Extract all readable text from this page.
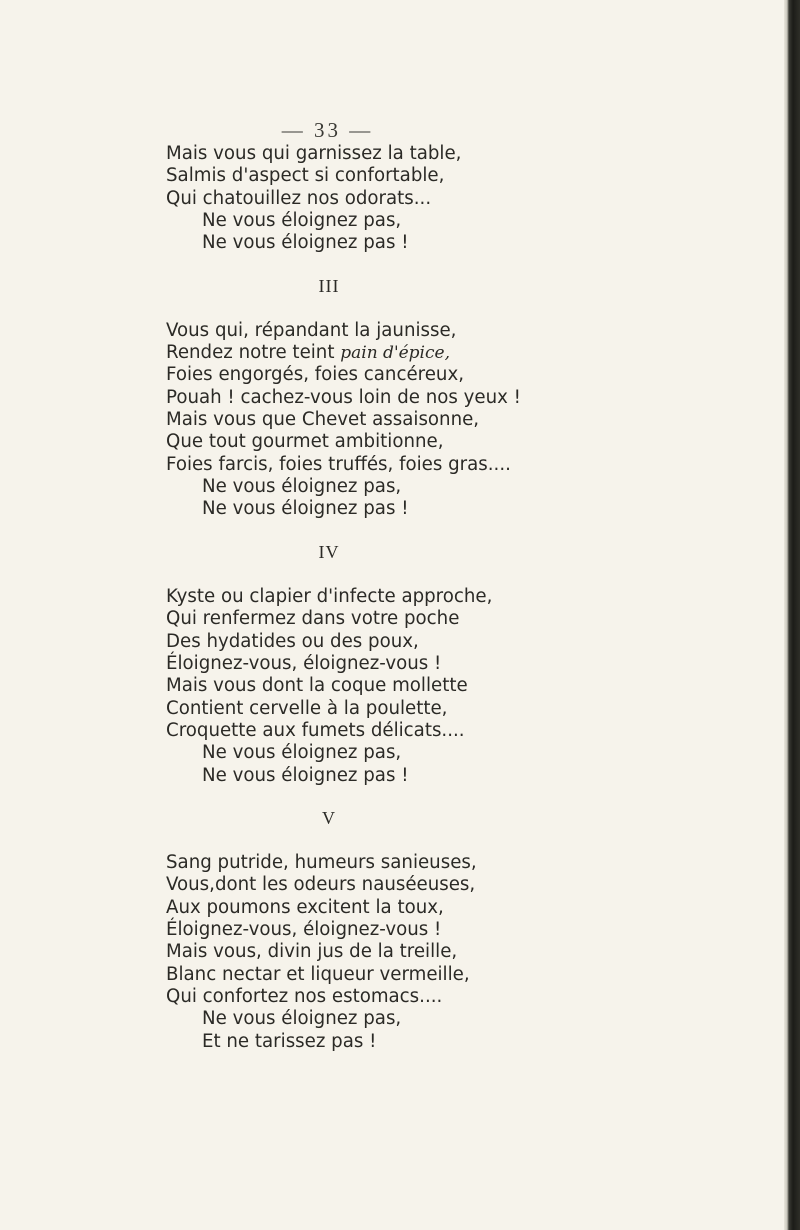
— 33 —
Mais vous qui garnissez la table,
Salmis d'aspect si confortable,
Qui chatouillez nos odorats...
Ne vous éloignez pas,
Ne vous éloignez pas !
III
Vous qui, répandant la jaunisse,
Rendez notre teint pain d'épice,
Foies engorgés, foies cancéreux,
Pouah ! cachez-vous loin de nos yeux !
Mais vous que Chevet assaisonne,
Que tout gourmet ambitionne,
Foies farcis, foies truffés, foies gras....
Ne vous éloignez pas,
Ne vous éloignez pas !
IV
Kyste ou clapier d'infecte approche,
Qui renfermez dans votre poche
Des hydatides ou des poux,
Éloignez-vous, éloignez-vous !
Mais vous dont la coque mollette
Contient cervelle à la poulette,
Croquette aux fumets délicats....
Ne vous éloignez pas,
Ne vous éloignez pas !
V
Sang putride, humeurs sanieuses,
Vous,dont les odeurs nauséeuses,
Aux poumons excitent la toux,
Éloignez-vous, éloignez-vous !
Mais vous, divin jus de la treille,
Blanc nectar et liqueur vermeille,
Qui confortez nos estomacs....
Ne vous éloignez pas,
Et ne tarissez pas !
